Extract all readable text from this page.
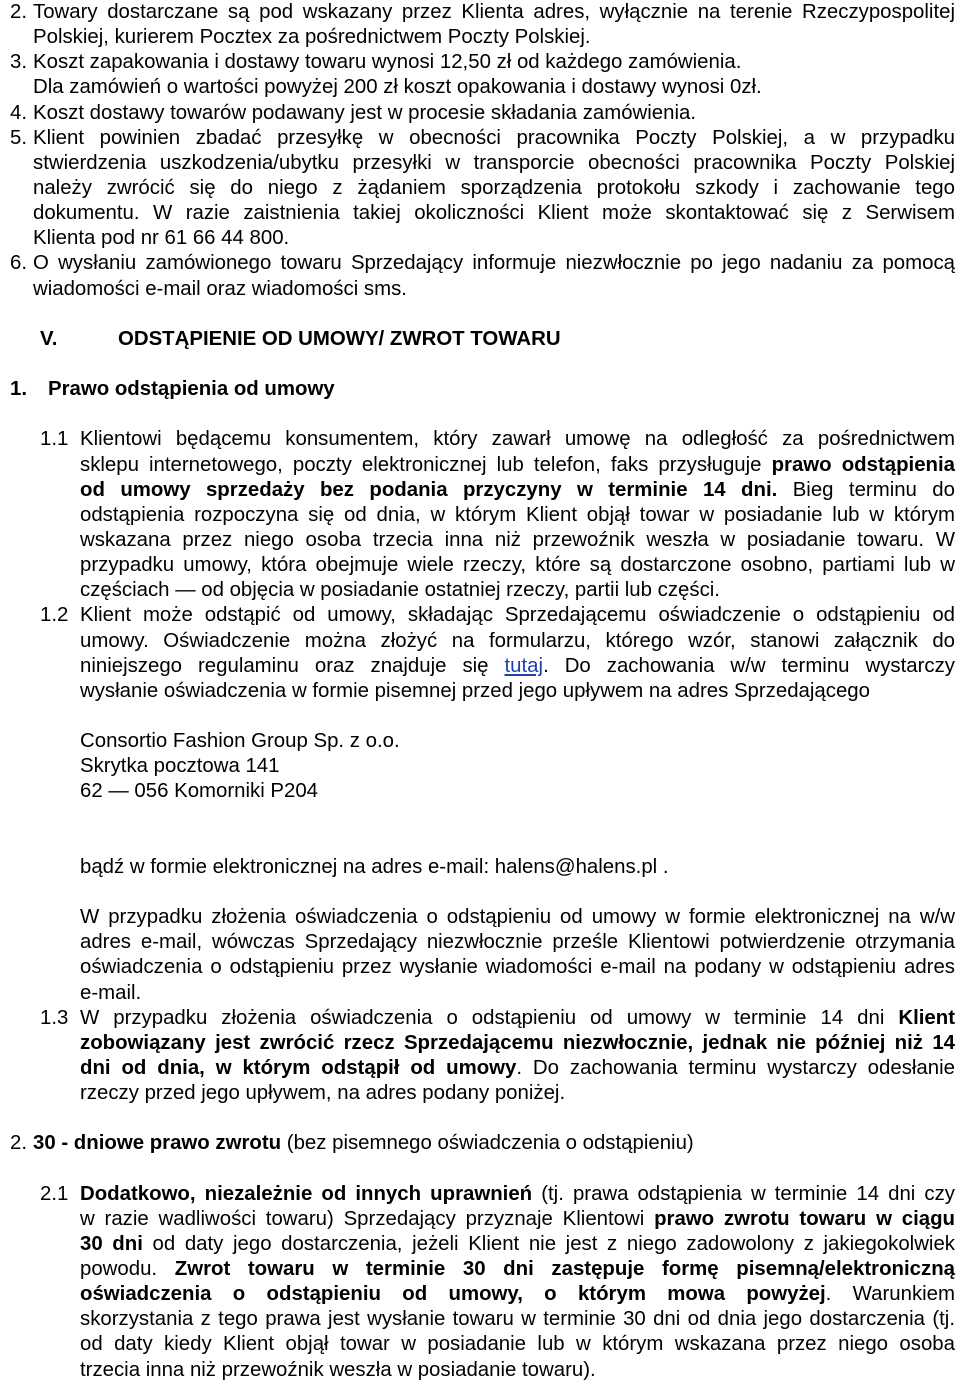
2. Towary dostarczane są pod wskazany przez Klienta adres, wyłącznie na terenie Rzeczypospolitej
Polskiej, kurierem Pocztex za pośrednictwem Poczty Polskiej.
3. Koszt zapakowania i dostawy towaru wynosi 12,50 zł od każdego zamówienia.
Dla zamówień o wartości powyżej 200 zł koszt opakowania i dostawy wynosi 0zł.
4. Koszt dostawy towarów podawany jest w procesie składania zamówienia.
5. Klient powinien zbadać przesyłkę w obecności pracownika Poczty Polskiej, a w przypadku
stwierdzenia uszkodzenia/ubytku przesyłki w transporcie obecności pracownika Poczty Polskiej
należy zwrócić się do niego z żądaniem sporządzenia protokołu szkody i zachowanie tego
dokumentu. W razie zaistnienia takiej okoliczności Klient może skontaktować się z Serwisem
Klienta pod nr 61 66 44 800.
6. O wysłaniu zamówionego towaru Sprzedający informuje niezwłocznie po jego nadaniu za pomocą
wiadomości e-mail oraz wiadomości sms.
V.	ODSTĄPIENIE OD UMOWY/ ZWROT TOWARU
1. Prawo odstąpienia od umowy
1.1 Klientowi będącemu konsumentem, który zawarł umowę na odległość za pośrednictwem
sklepu internetowego, poczty elektronicznej lub telefon, faks przysługuje prawo odstąpienia
od umowy sprzedaży bez podania przyczyny w terminie 14 dni. Bieg terminu do
odstąpienia rozpoczyna się od dnia, w którym Klient objął towar w posiadanie lub w którym
wskazana przez niego osoba trzecia inna niż przewoźnik weszła w posiadanie towaru. W
przypadku umowy, która obejmuje wiele rzeczy, które są dostarczone osobno, partiami lub w
częściach — od objęcia w posiadanie ostatniej rzeczy, partii lub części.
1.2 Klient może odstąpić od umowy, składając Sprzedającemu oświadczenie o odstąpieniu od
umowy. Oświadczenie można złożyć na formularzu, którego wzór, stanowi załącznik do
niniejszego regulaminu oraz znajduje się tutaj. Do zachowania w/w terminu wystarczy
wysłanie oświadczenia w formie pisemnej przed jego upływem na adres Sprzedającego
Consortio Fashion Group Sp. z o.o.
Skrytka pocztowa 141
62 — 056 Komorniki P204
bądź w formie elektronicznej na adres e-mail: halens@halens.pl .
W przypadku złożenia oświadczenia o odstąpieniu od umowy w formie elektronicznej na w/w
adres e-mail, wówczas Sprzedający niezwłocznie prześle Klientowi potwierdzenie otrzymania
oświadczenia o odstąpieniu przez wysłanie wiadomości e-mail na podany w odstąpieniu adres
e-mail.
1.3 W przypadku złożenia oświadczenia o odstąpieniu od umowy w terminie 14 dni Klient
zobowiązany jest zwrócić rzecz Sprzedającemu niezwłocznie, jednak nie później niż 14
dni od dnia, w którym odstąpił od umowy. Do zachowania terminu wystarczy odesłanie
rzeczy przed jego upływem, na adres podany poniżej.
2. 30 - dniowe prawo zwrotu (bez pisemnego oświadczenia o odstąpieniu)
2.1 Dodatkowo, niezależnie od innych uprawnień (tj. prawa odstąpienia w terminie 14 dni czy
w razie wadliwości towaru) Sprzedający przyznaje Klientowi prawo zwrotu towaru w ciągu
30 dni od daty jego dostarczenia, jeżeli Klient nie jest z niego zadowolony z jakiegokolwiek
powodu. Zwrot towaru w terminie 30 dni zastępuje formę pisemną/elektroniczną
oświadczenia o odstąpieniu od umowy, o którym mowa powyżej. Warunkiem
skorzystania z tego prawa jest wysłanie towaru w terminie 30 dni od dnia jego dostarczenia (tj.
od daty kiedy Klient objął towar w posiadanie lub w którym wskazana przez niego osoba
trzecia inna niż przewoźnik weszła w posiadanie towaru).
